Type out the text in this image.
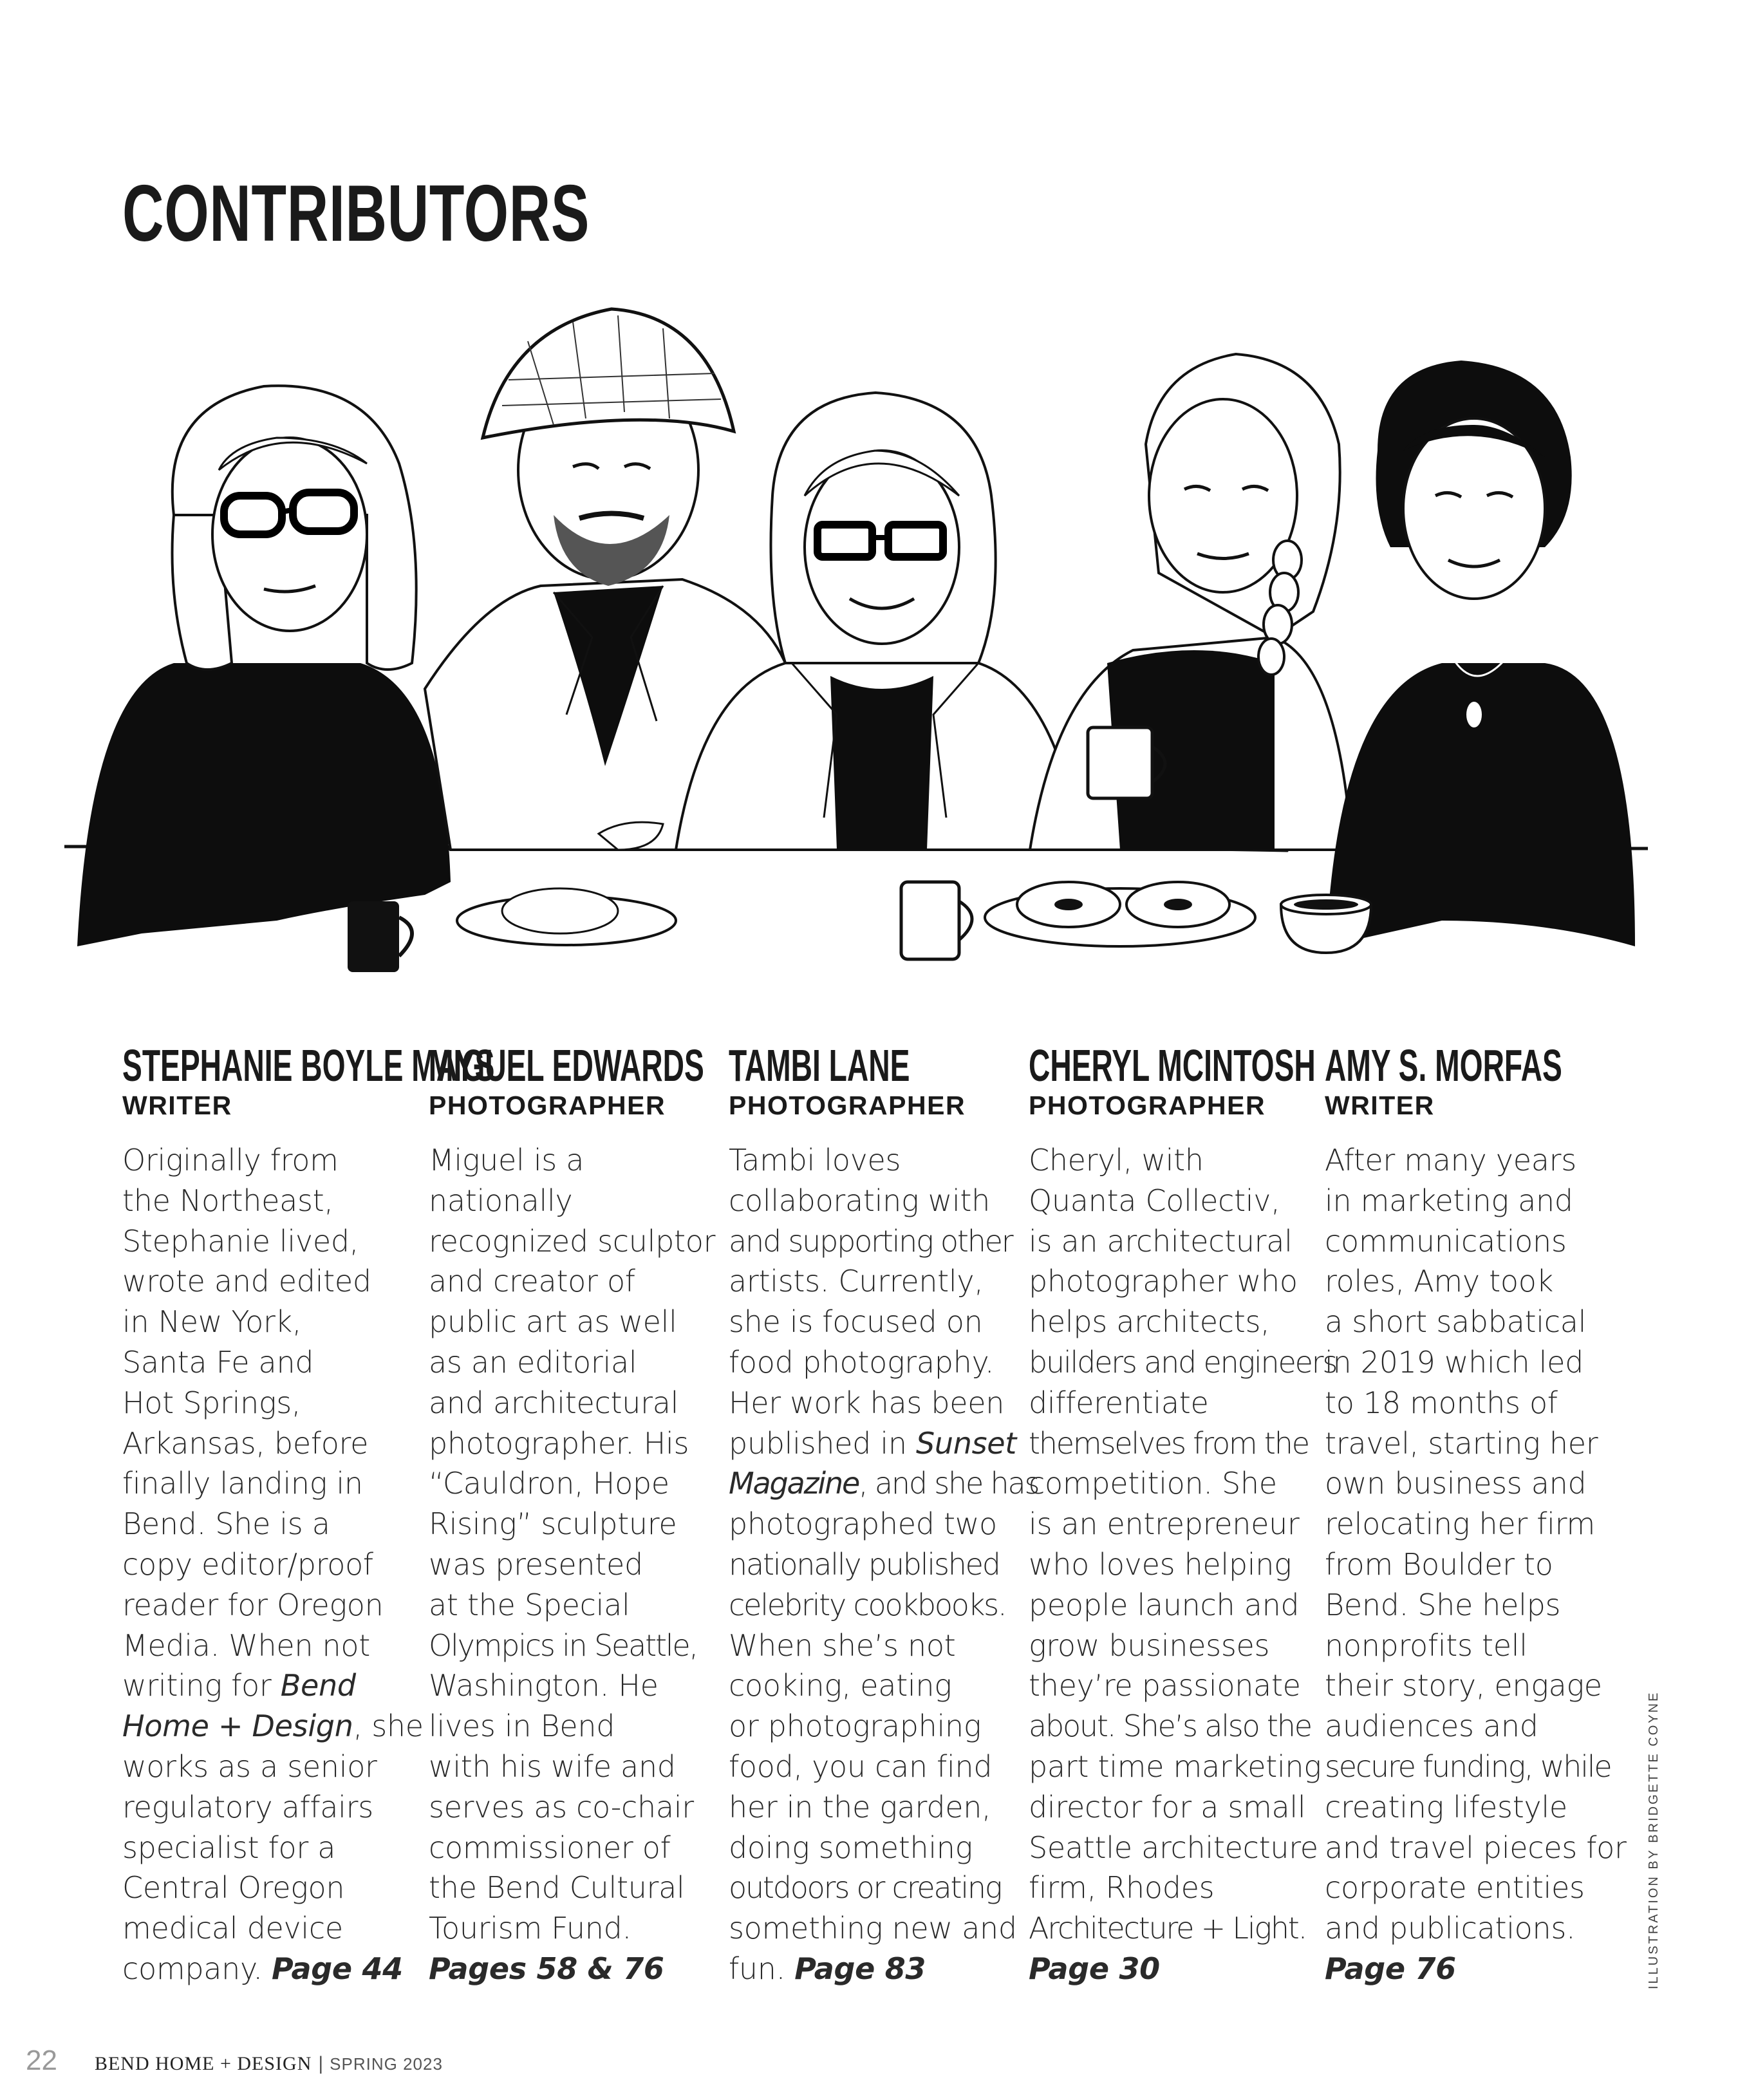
CONTRIBUTORS
STEPHANIE BOYLE MAYS
WRITER
Originally from
the Northeast,
Stephanie lived,
wrote and edited
in New York,
Santa Fe and
Hot Springs,
Arkansas, before
finally landing in
Bend. She is a
copy editor/proof
reader for Oregon
Media. When not
writing for Bend
Home + Design, she
works as a senior
regulatory affairs
specialist for a
Central Oregon
medical device
company. Page 44
MIGUEL EDWARDS
PHOTOGRAPHER
Miguel is a
nationally
recognized sculptor
and creator of
public art as well
as an editorial
and architectural
photographer. His
“Cauldron, Hope
Rising” sculpture
was presented
at the Special
Olympics in Seattle,
Washington. He
lives in Bend
with his wife and
serves as co-chair
commissioner of
the Bend Cultural
Tourism Fund.
Pages 58 & 76
TAMBI LANE
PHOTOGRAPHER
Tambi loves
collaborating with
and supporting other
artists. Currently,
she is focused on
food photography.
Her work has been
published in Sunset
Magazine, and she has
photographed two
nationally published
celebrity cookbooks.
When she’s not
cooking, eating
or photographing
food, you can find
her in the garden,
doing something
outdoors or creating
something new and
fun. Page 83
CHERYL MCINTOSH
PHOTOGRAPHER
Cheryl, with
Quanta Collectiv,
is an architectural
photographer who
helps architects,
builders and engineers
differentiate
themselves from the
competition. She
is an entrepreneur
who loves helping
people launch and
grow businesses
they’re passionate
about. She’s also the
part time marketing
director for a small
Seattle architecture
firm, Rhodes
Architecture + Light.
Page 30
AMY S. MORFAS
WRITER
After many years
in marketing and
communications
roles, Amy took
a short sabbatical
in 2019 which led
to 18 months of
travel, starting her
own business and
relocating her firm
from Boulder to
Bend. She helps
nonprofits tell
their story, engage
audiences and
secure funding, while
creating lifestyle
and travel pieces for
corporate entities
and publications.
Page 76	ILLUSTRATION BY BRIDGETTE COYNE
22 BEND HOME + DESIGN | SPRING 2023
